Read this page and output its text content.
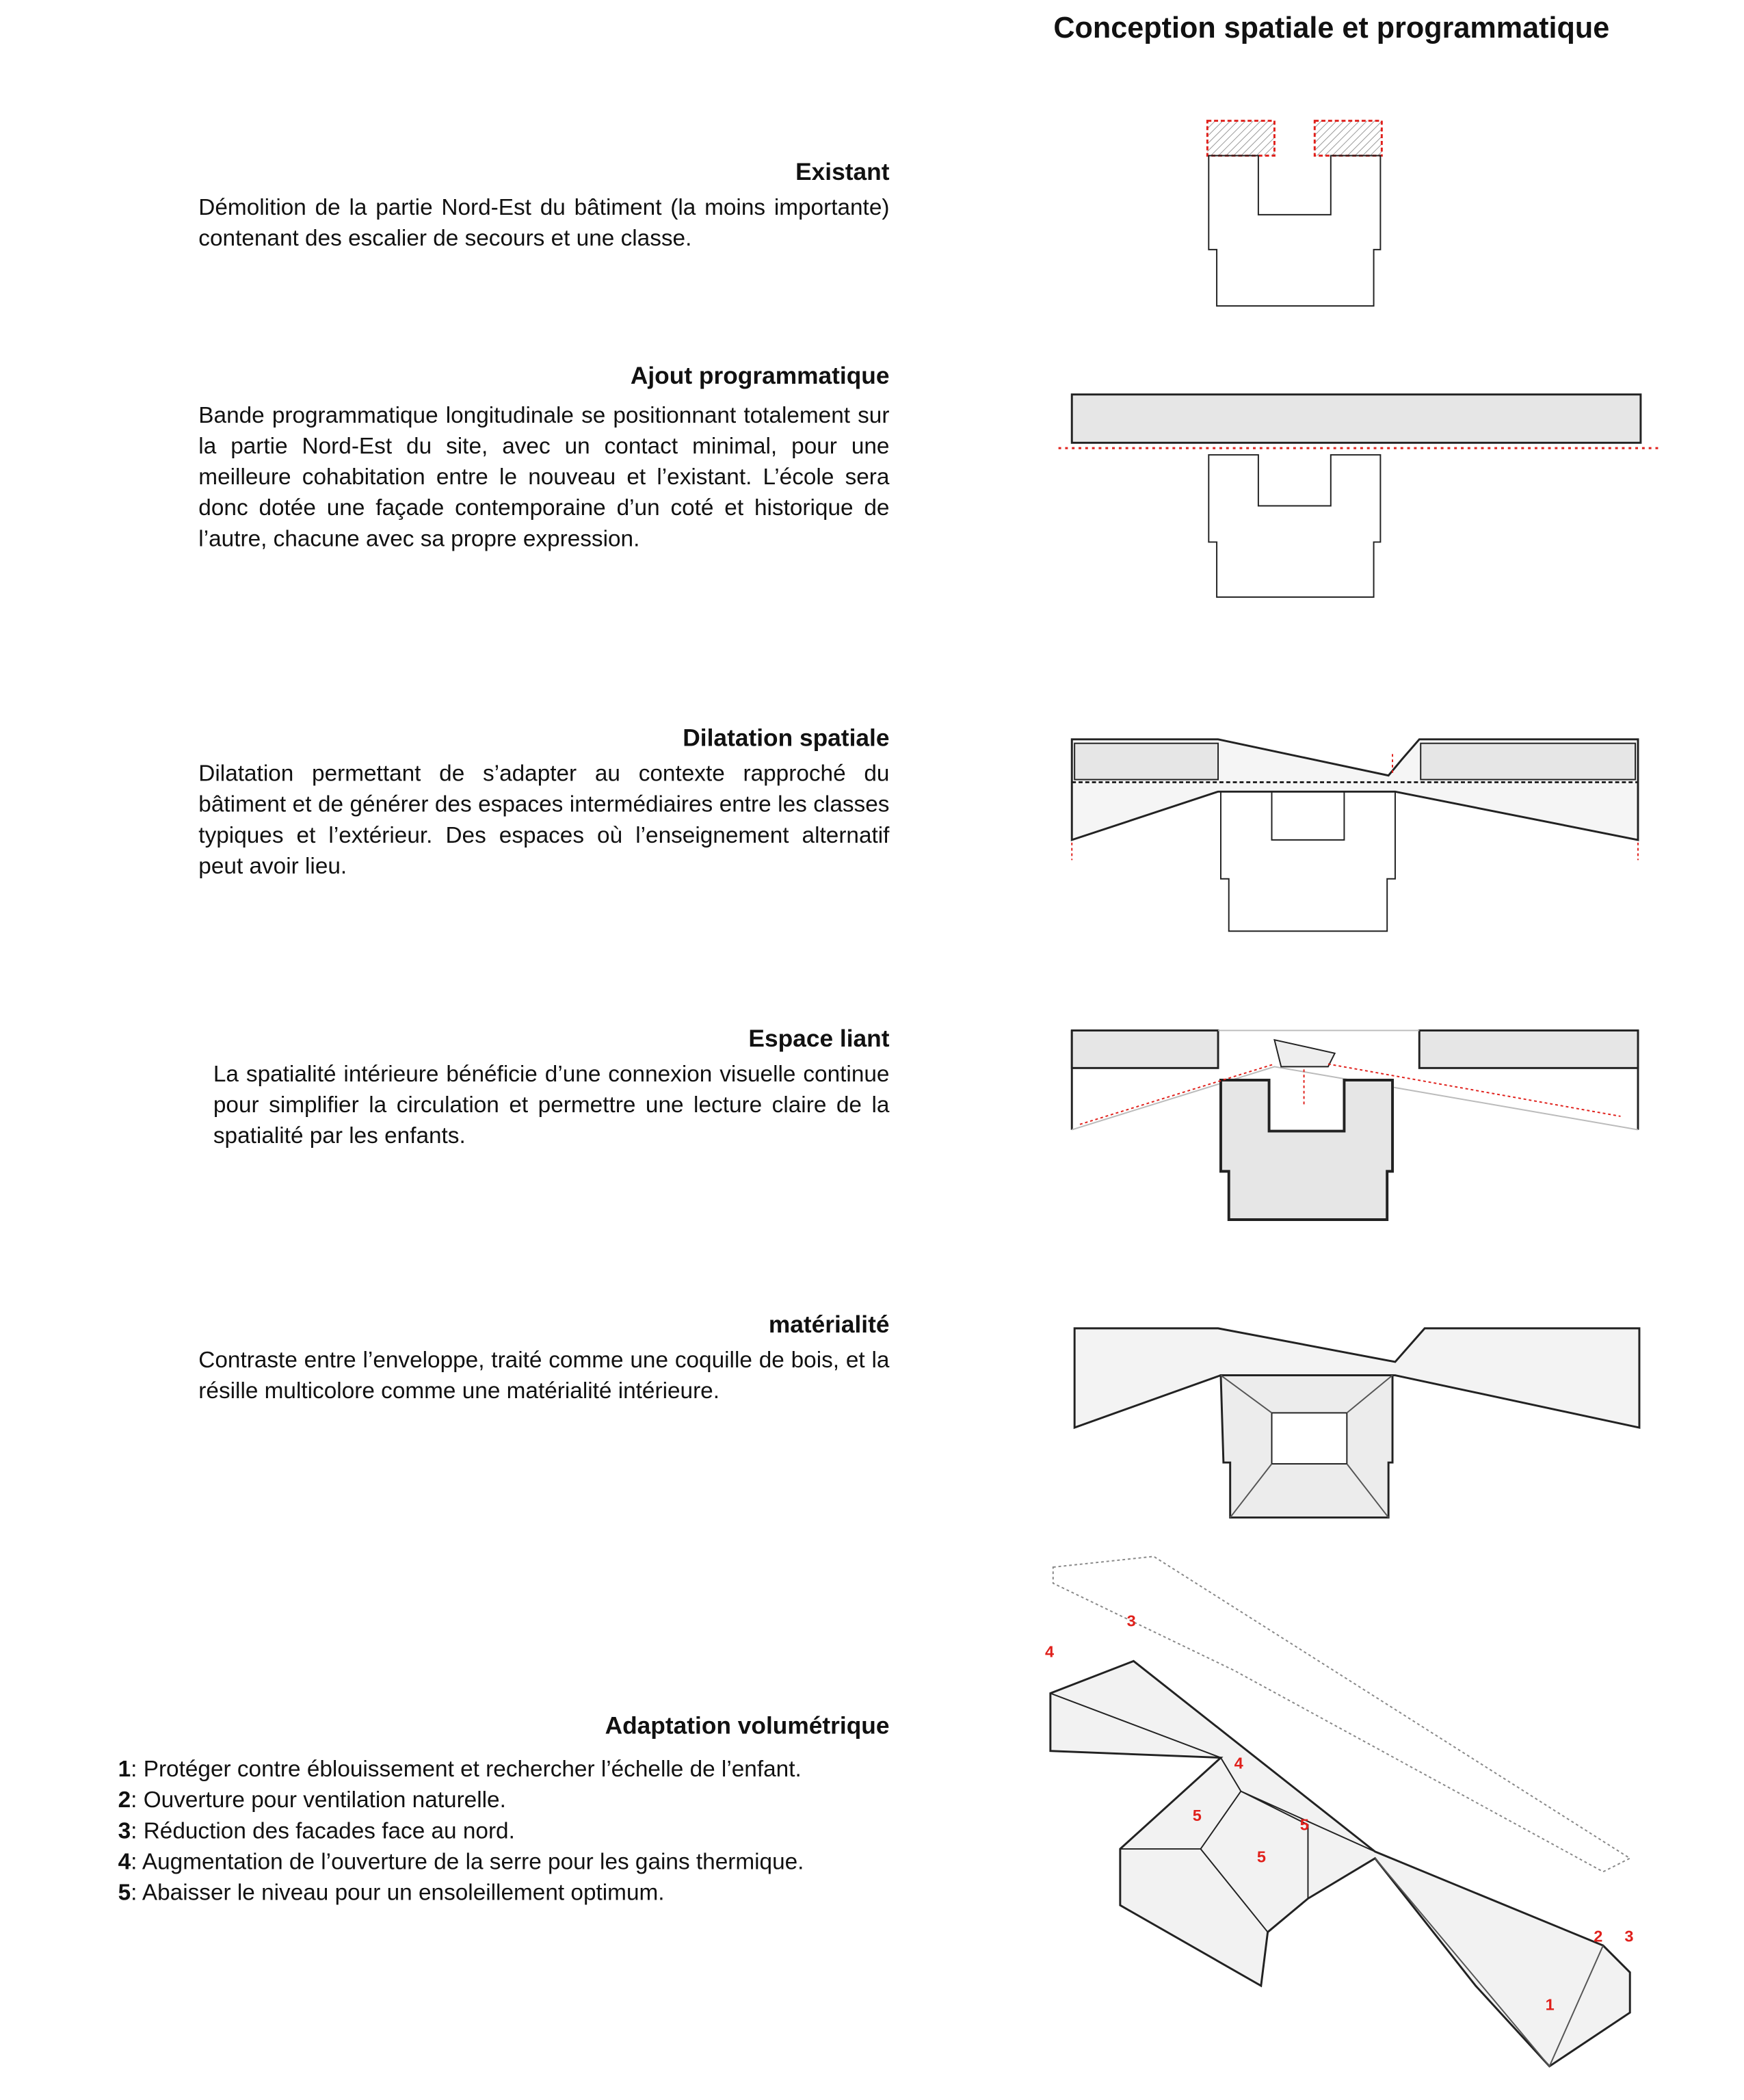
Conception spatiale et programmatique
Existant

Démolition de la partie Nord-Est du bâtiment (la moins importante) contenant des escalier de secours et une classe.

Ajout programmatique

Bande programmatique longitudinale se positionnant totalement sur la partie Nord-Est du site, avec un contact minimal, pour une meilleure cohabitation entre le nouveau et l’existant. L’école sera donc dotée une façade contemporaine d’un coté et historique de l’autre, chacune avec sa propre expression.

Dilatation spatiale

Dilatation permettant de s’adapter au contexte rapproché du bâtiment et de générer des espaces intermédiaires entre les classes typiques et l’extérieur. Des espaces où l’enseignement alternatif peut avoir lieu.

Espace liant

La spatialité intérieure bénéficie d’une connexion visuelle continue pour simplifier la circulation et permettre une lecture claire de la spatialité par les enfants.

matérialité

Contraste entre l’enveloppe, traité comme une coquille de bois, et la résille multicolore comme une matérialité intérieure.

Adaptation volumétrique
1: Protéger contre éblouissement et rechercher l’échelle de l’enfant.
2: Ouverture pour ventilation naturelle.
3: Réduction des facades face au nord.
4: Augmentation de l’ouverture de la serre pour les gains thermique.
5: Abaisser le niveau pour un ensoleillement optimum.
4
3
4
5
5
5
2	3
1
